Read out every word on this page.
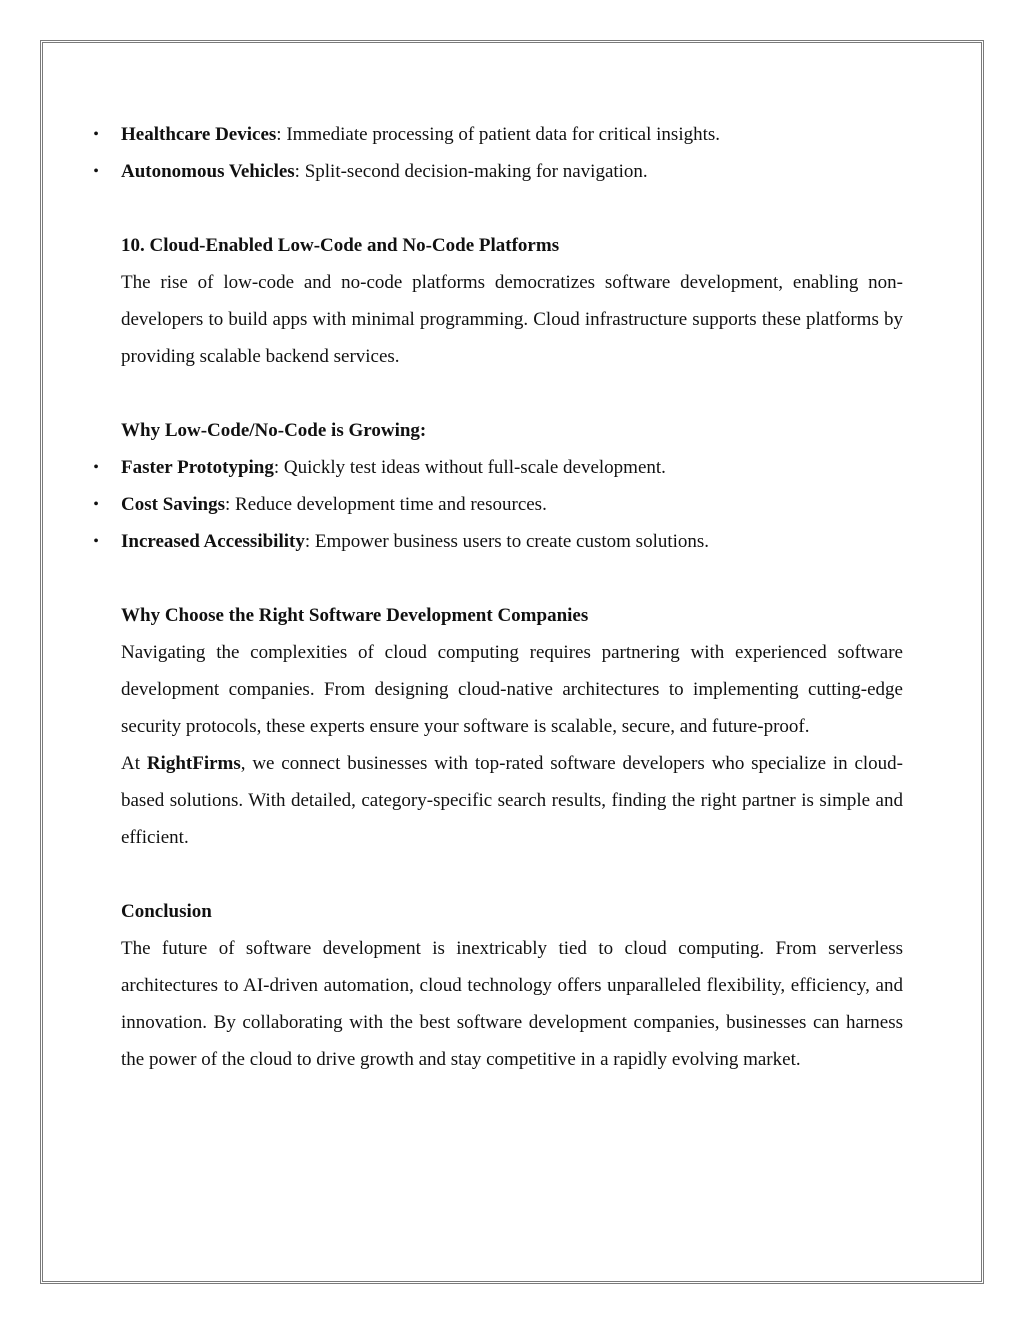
• Healthcare Devices: Immediate processing of patient data for critical insights.
• Autonomous Vehicles: Split-second decision-making for navigation.

10. Cloud-Enabled Low-Code and No-Code Platforms

The rise of low-code and no-code platforms democratizes software development, enabling non-developers to build apps with minimal programming. Cloud infrastructure supports these platforms by providing scalable backend services.

Why Low-Code/No-Code is Growing:

• Faster Prototyping: Quickly test ideas without full-scale development.
• Cost Savings: Reduce development time and resources.
• Increased Accessibility: Empower business users to create custom solutions.

Why Choose the Right Software Development Companies

Navigating the complexities of cloud computing requires partnering with experienced software development companies. From designing cloud-native architectures to implementing cutting-edge security protocols, these experts ensure your software is scalable, secure, and future-proof.

At RightFirms, we connect businesses with top-rated software developers who specialize in cloud-based solutions. With detailed, category-specific search results, finding the right partner is simple and efficient.

Conclusion

The future of software development is inextricably tied to cloud computing. From serverless architectures to AI-driven automation, cloud technology offers unparalleled flexibility, efficiency, and innovation. By collaborating with the best software development companies, businesses can harness the power of the cloud to drive growth and stay competitive in a rapidly evolving market.
